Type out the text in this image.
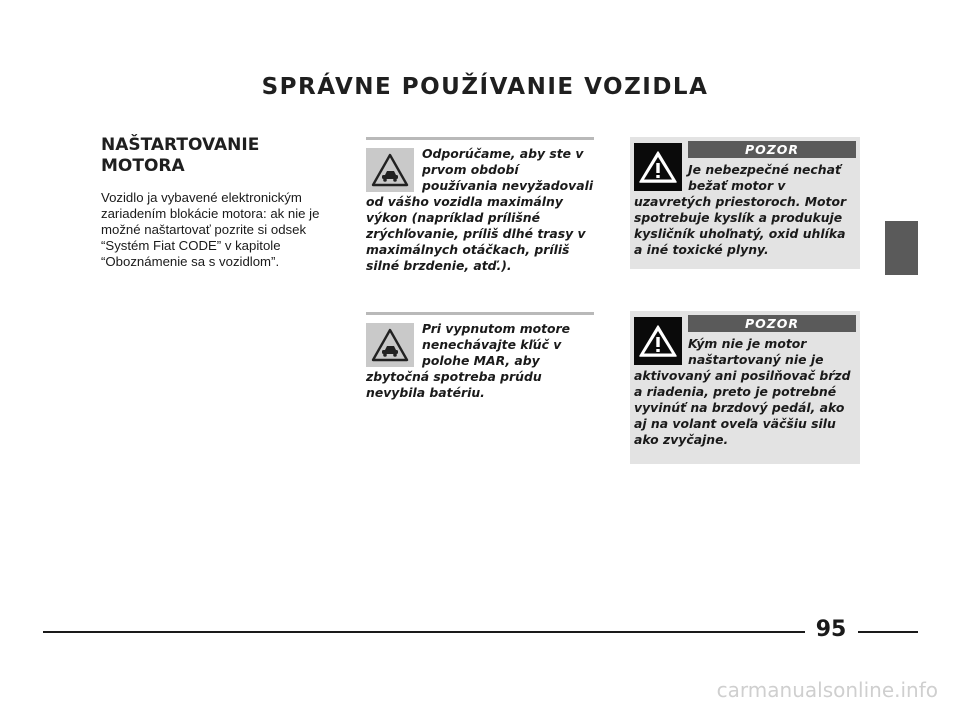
SPRÁVNE POUŽÍVANIE VOZIDLA
NAŠTARTOVANIE MOTORA

Vozidlo ja vybavené elektronickým zariadením blokácie motora: ak nie je možné naštartovať pozrite si odsek “Systém Fiat CODE” v kapitole “Oboznámenie sa s vozidlom”.

Odporúčame, aby ste v prvom období používania nevyžadovali od vášho vozidla maximálny výkon (napríklad prílišné zrýchľovanie, príliš dlhé trasy v maximálnych otáčkach, príliš silné brzdenie, atď.).

Pri vypnutom motore nenechávajte kľúč v polohe MAR, aby zbytočná spotreba prúdu nevybila batériu.

POZOR

Je nebezpečné nechať bežať motor v uzavretých priestoroch. Motor spotrebuje kyslík a produkuje kysličník uhoľnatý, oxid uhlíka a iné toxické plyny.

POZOR

Kým nie je motor naštartovaný nie je aktivovaný ani posilňovač bŕzd a riadenia, preto je potrebné vyvinúť na brzdový pedál, ako aj na volant oveľa väčšiu silu ako zvyčajne.

95
carmanualsonline.info
